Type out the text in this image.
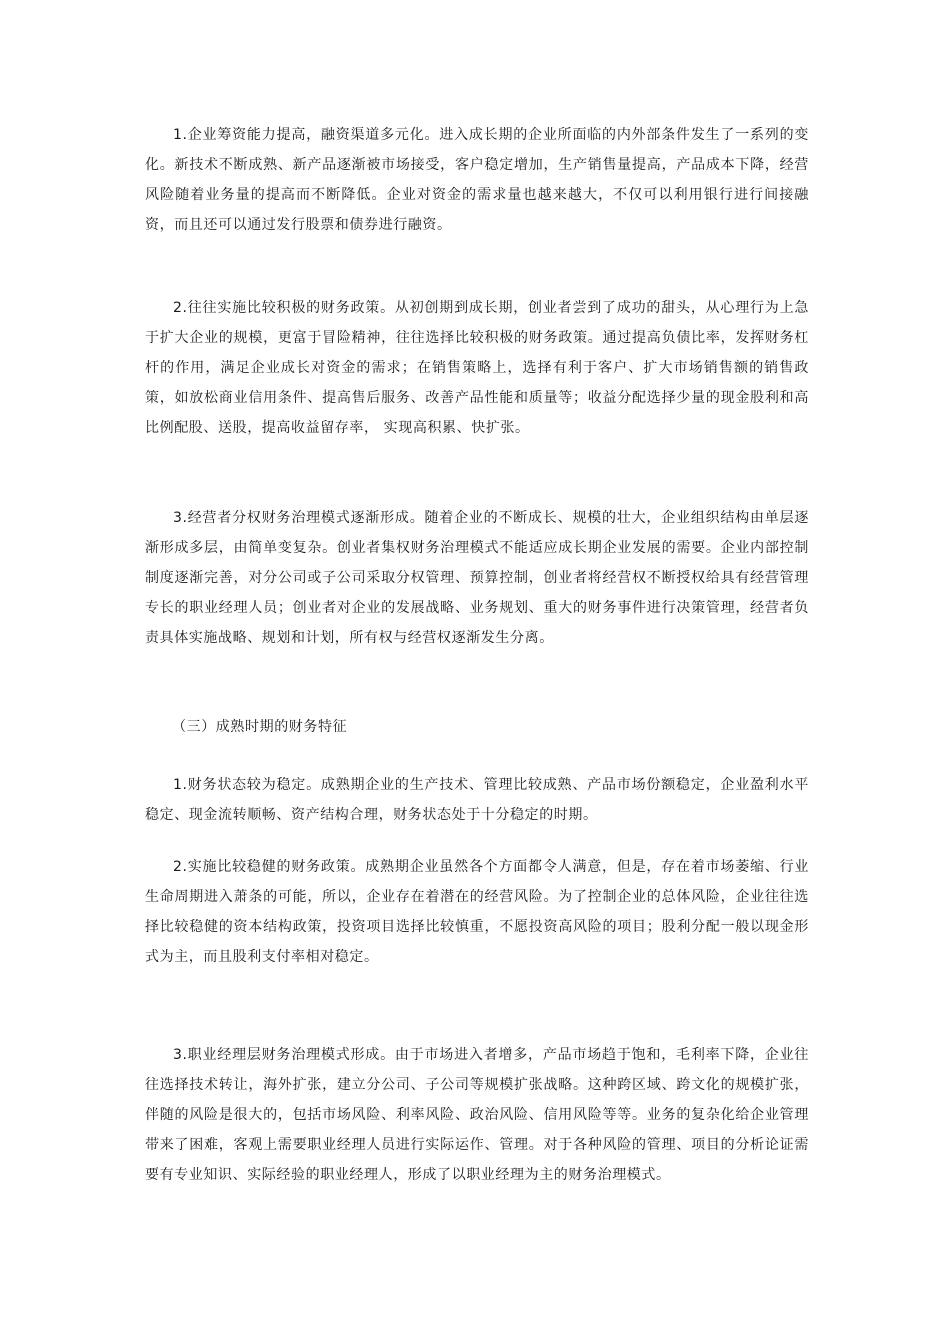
1.企业筹资能力提高，融资渠道多元化。进入成长期的企业所面临的内外部条件发生了一系列的变化。新技术不断成熟、新产品逐渐被市场接受，客户稳定增加，生产销售量提高，产品成本下降，经营风险随着业务量的提高而不断降低。企业对资金的需求量也越来越大，不仅可以利用银行进行间接融资，而且还可以通过发行股票和债券进行融资。

2.往往实施比较积极的财务政策。从初创期到成长期，创业者尝到了成功的甜头，从心理行为上急于扩大企业的规模，更富于冒险精神，往往选择比较积极的财务政策。通过提高负债比率，发挥财务杠杆的作用，满足企业成长对资金的需求；在销售策略上，选择有利于客户、扩大市场销售额的销售政策，如放松商业信用条件、提高售后服务、改善产品性能和质量等；收益分配选择少量的现金股利和高比例配股、送股，提高收益留存率， 实现高积累、快扩张。

3.经营者分权财务治理模式逐渐形成。随着企业的不断成长、规模的壮大，企业组织结构由单层逐渐形成多层，由简单变复杂。创业者集权财务治理模式不能适应成长期企业发展的需要。企业内部控制制度逐渐完善，对分公司或子公司采取分权管理、预算控制，创业者将经营权不断授权给具有经营管理专长的职业经理人员；创业者对企业的发展战略、业务规划、重大的财务事件进行决策管理，经营者负责具体实施战略、规划和计划，所有权与经营权逐渐发生分离。

（三）成熟时期的财务特征

1.财务状态较为稳定。成熟期企业的生产技术、管理比较成熟、产品市场份额稳定，企业盈利水平稳定、现金流转顺畅、资产结构合理，财务状态处于十分稳定的时期。

2.实施比较稳健的财务政策。成熟期企业虽然各个方面都令人满意，但是，存在着市场萎缩、行业生命周期进入萧条的可能，所以，企业存在着潜在的经营风险。为了控制企业的总体风险，企业往往选择比较稳健的资本结构政策，投资项目选择比较慎重，不愿投资高风险的项目；股利分配一般以现金形式为主，而且股利支付率相对稳定。

3.职业经理层财务治理模式形成。由于市场进入者增多，产品市场趋于饱和，毛利率下降，企业往往选择技术转让，海外扩张，建立分公司、子公司等规模扩张战略。这种跨区域、跨文化的规模扩张，伴随的风险是很大的，包括市场风险、利率风险、政治风险、信用风险等等。业务的复杂化给企业管理带来了困难，客观上需要职业经理人员进行实际运作、管理。对于各种风险的管理、项目的分析论证需要有专业知识、实际经验的职业经理人，形成了以职业经理为主的财务治理模式。
